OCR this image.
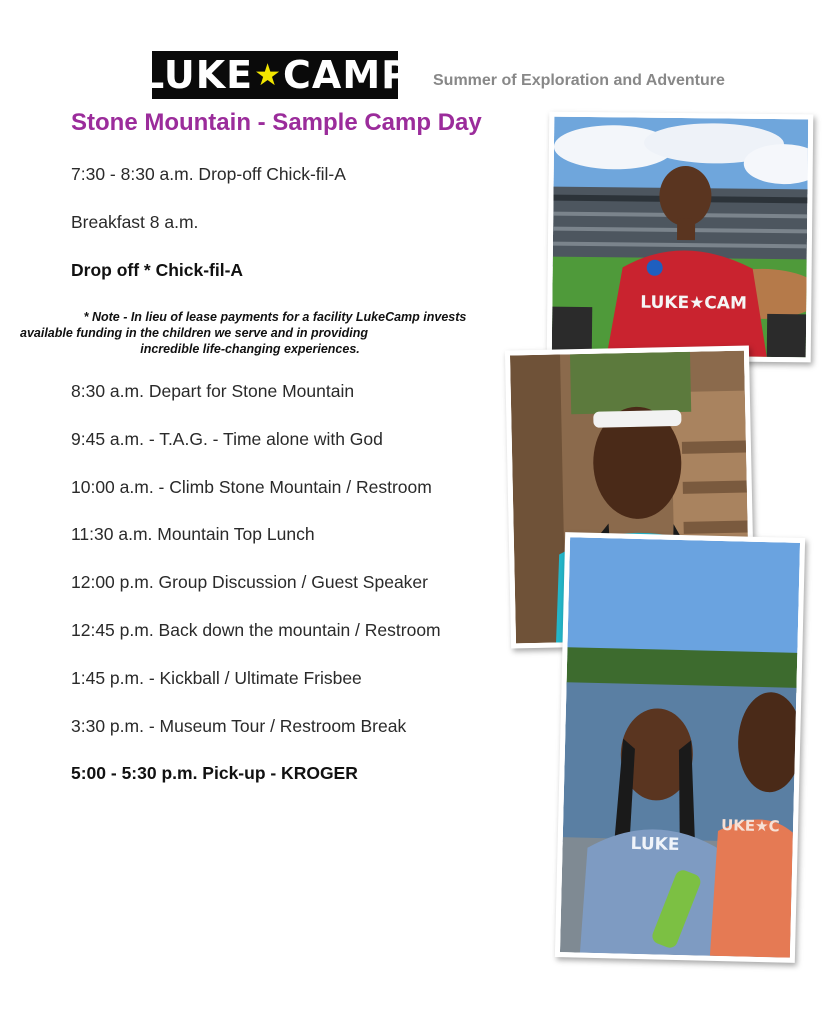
LUKE ★ CAMP Summer of Exploration and Adventure
Stone Mountain - Sample Camp Day
7:30 - 8:30 a.m. Drop-off Chick-fil-A
Breakfast 8 a.m.
Drop off * Chick-fil-A
* Note - In lieu of lease payments for a facility LukeCamp invests
available funding in the children we serve and in providing
incredible life-changing experiences.
8:30 a.m. Depart for Stone Mountain
9:45 a.m. - T.A.G. - Time alone with God
10:00 a.m. - Climb Stone Mountain / Restroom
11:30 a.m. Mountain Top Lunch
12:00 p.m. Group Discussion / Guest Speaker
12:45 p.m. Back down the mountain / Restroom
1:45 p.m. - Kickball / Ultimate Frisbee
3:30 p.m. - Museum Tour / Restroom Break
5:00 - 5:30 p.m. Pick-up - KROGER
LUKE★CAM
LUKE
UKE★C
